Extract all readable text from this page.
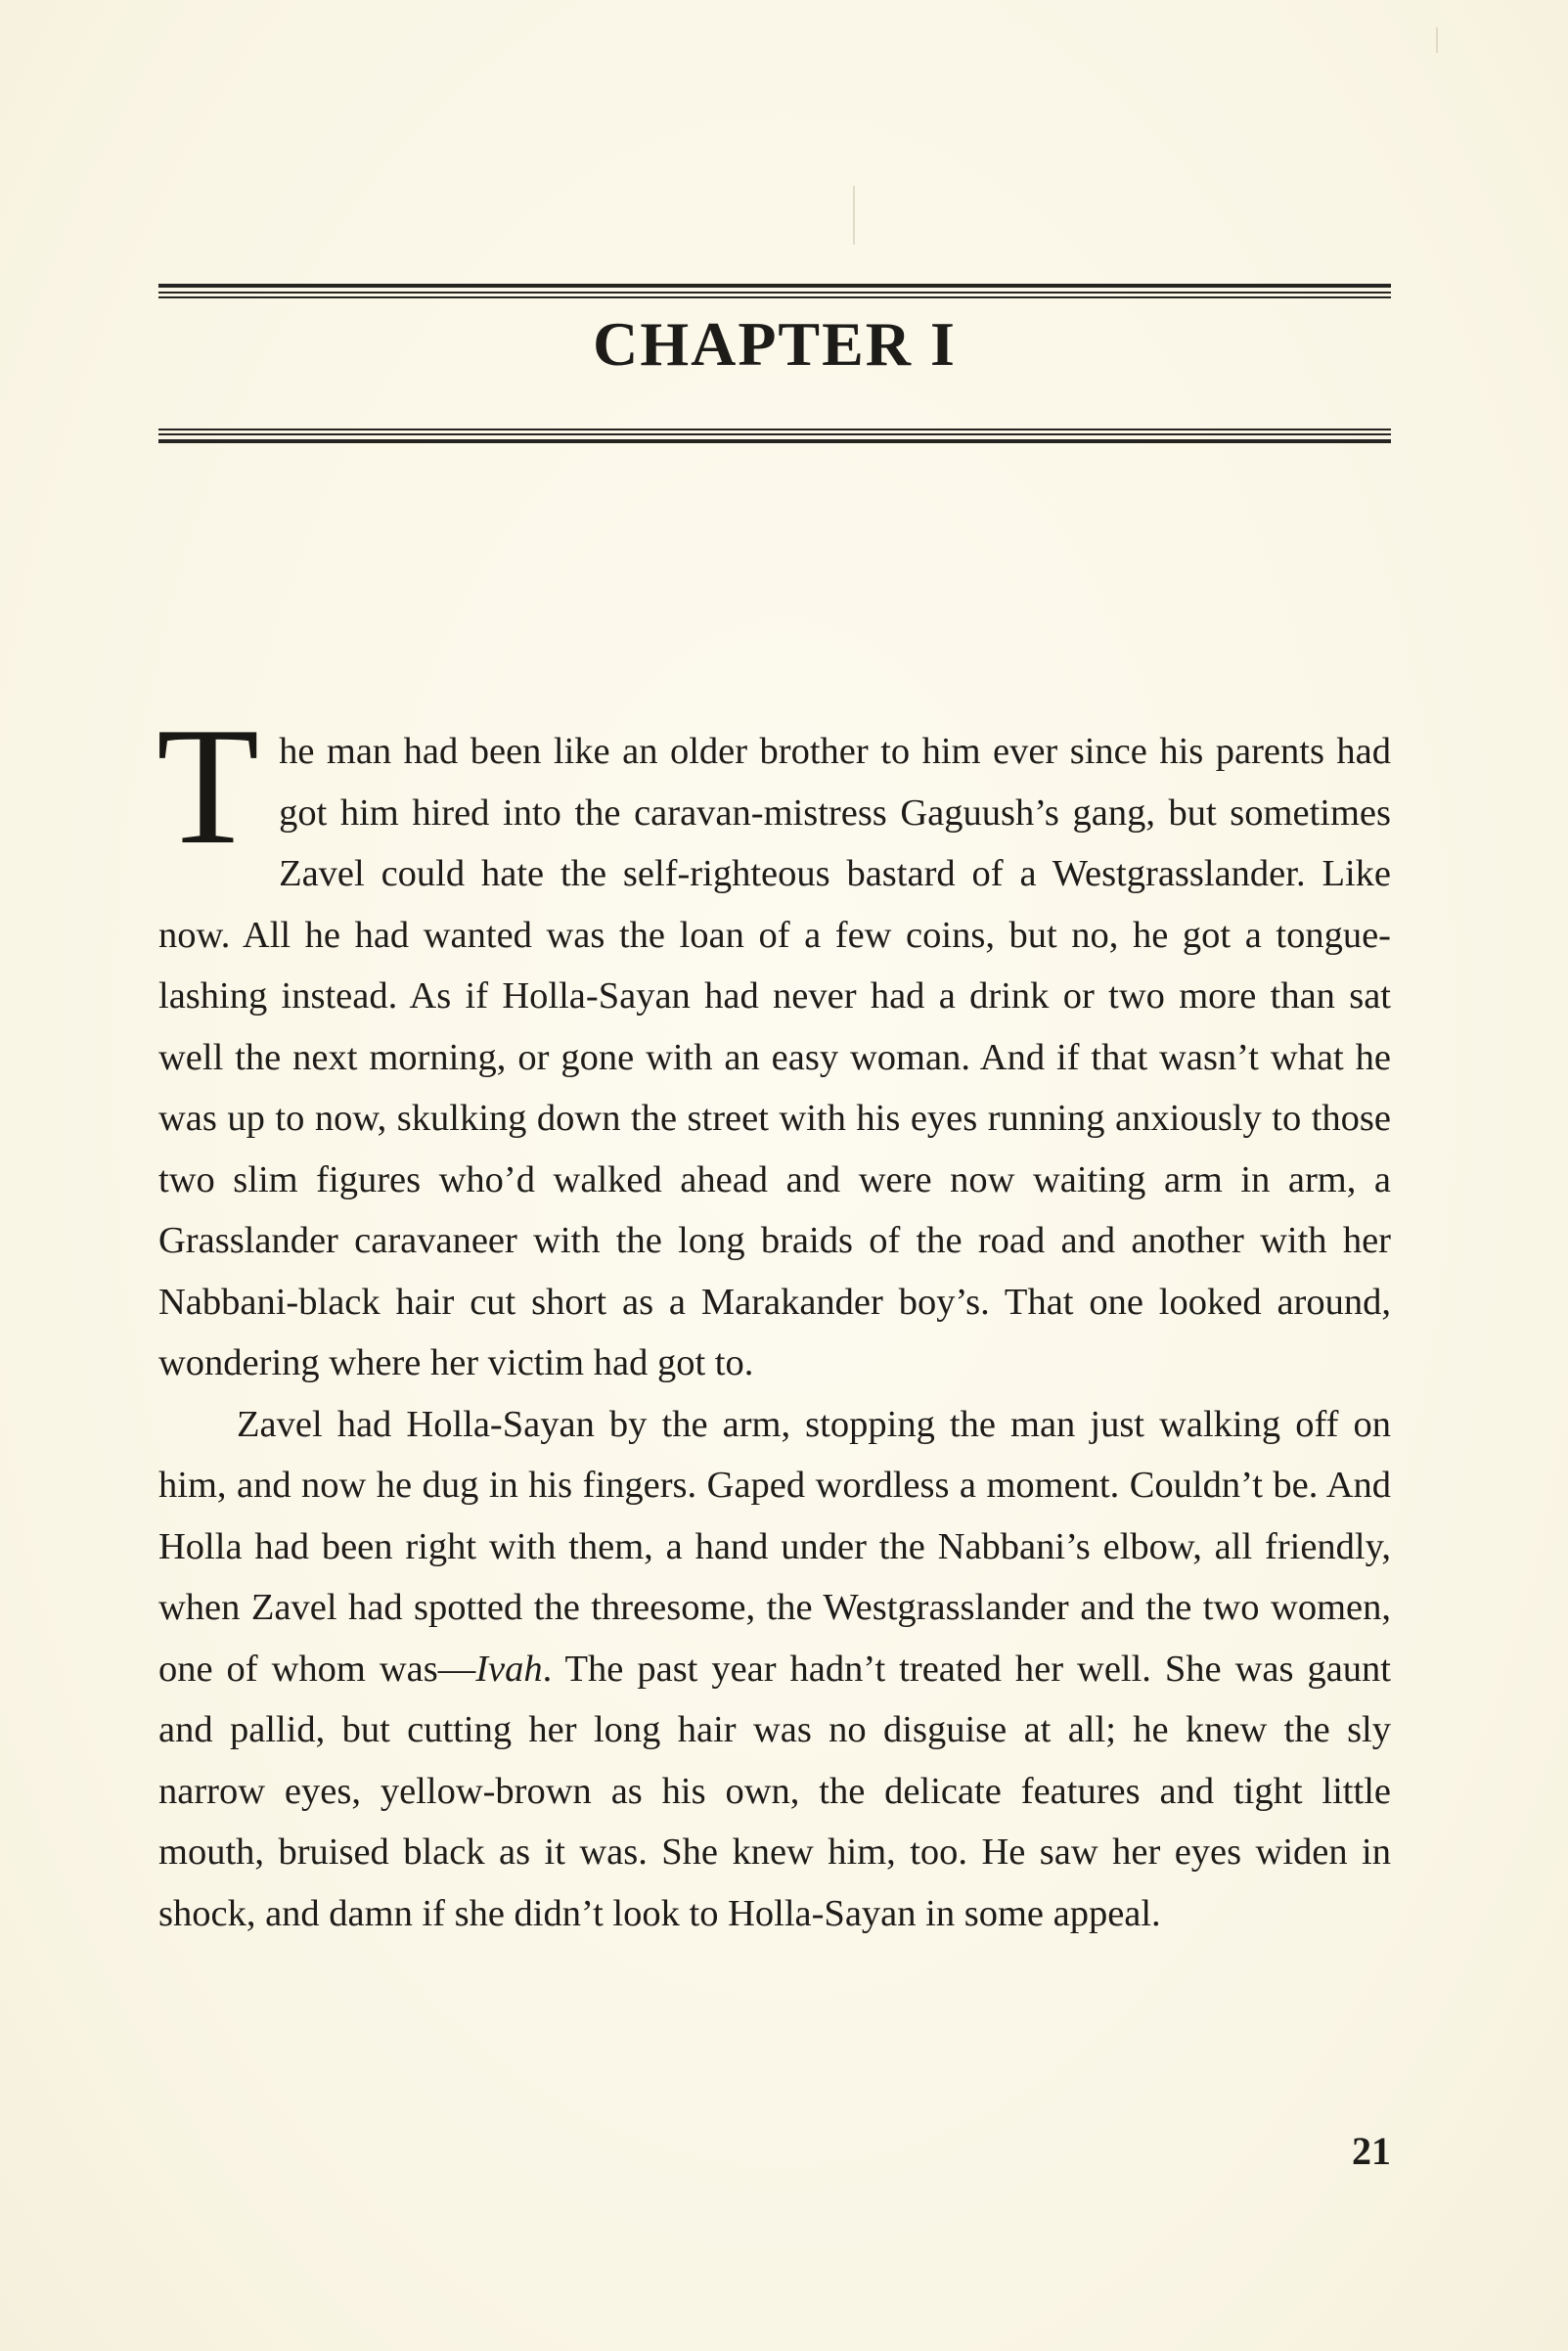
CHAPTER I

The man had been like an older brother to him ever since his parents had got him hired into the caravan-mistress Gaguush’s gang, but sometimes Zavel could hate the self-righteous bastard of a Westgrasslander. Like now. All he had wanted was the loan of a few coins, but no, he got a tongue-lashing instead. As if Holla-Sayan had never had a drink or two more than sat well the next morning, or gone with an easy woman. And if that wasn’t what he was up to now, skulking down the street with his eyes running anxiously to those two slim figures who’d walked ahead and were now waiting arm in arm, a Grasslander caravaneer with the long braids of the road and another with her Nabbani-black hair cut short as a Marakander boy’s. That one looked around, wondering where her victim had got to.

Zavel had Holla-Sayan by the arm, stopping the man just walking off on him, and now he dug in his fingers. Gaped wordless a moment. Couldn’t be. And Holla had been right with them, a hand under the Nabbani’s elbow, all friendly, when Zavel had spotted the threesome, the Westgrasslander and the two women, one of whom was—Ivah. The past year hadn’t treated her well. She was gaunt and pallid, but cutting her long hair was no disguise at all; he knew the sly narrow eyes, yellow-brown as his own, the delicate features and tight little mouth, bruised black as it was. She knew him, too. He saw her eyes widen in shock, and damn if she didn’t look to Holla-Sayan in some appeal.

21
